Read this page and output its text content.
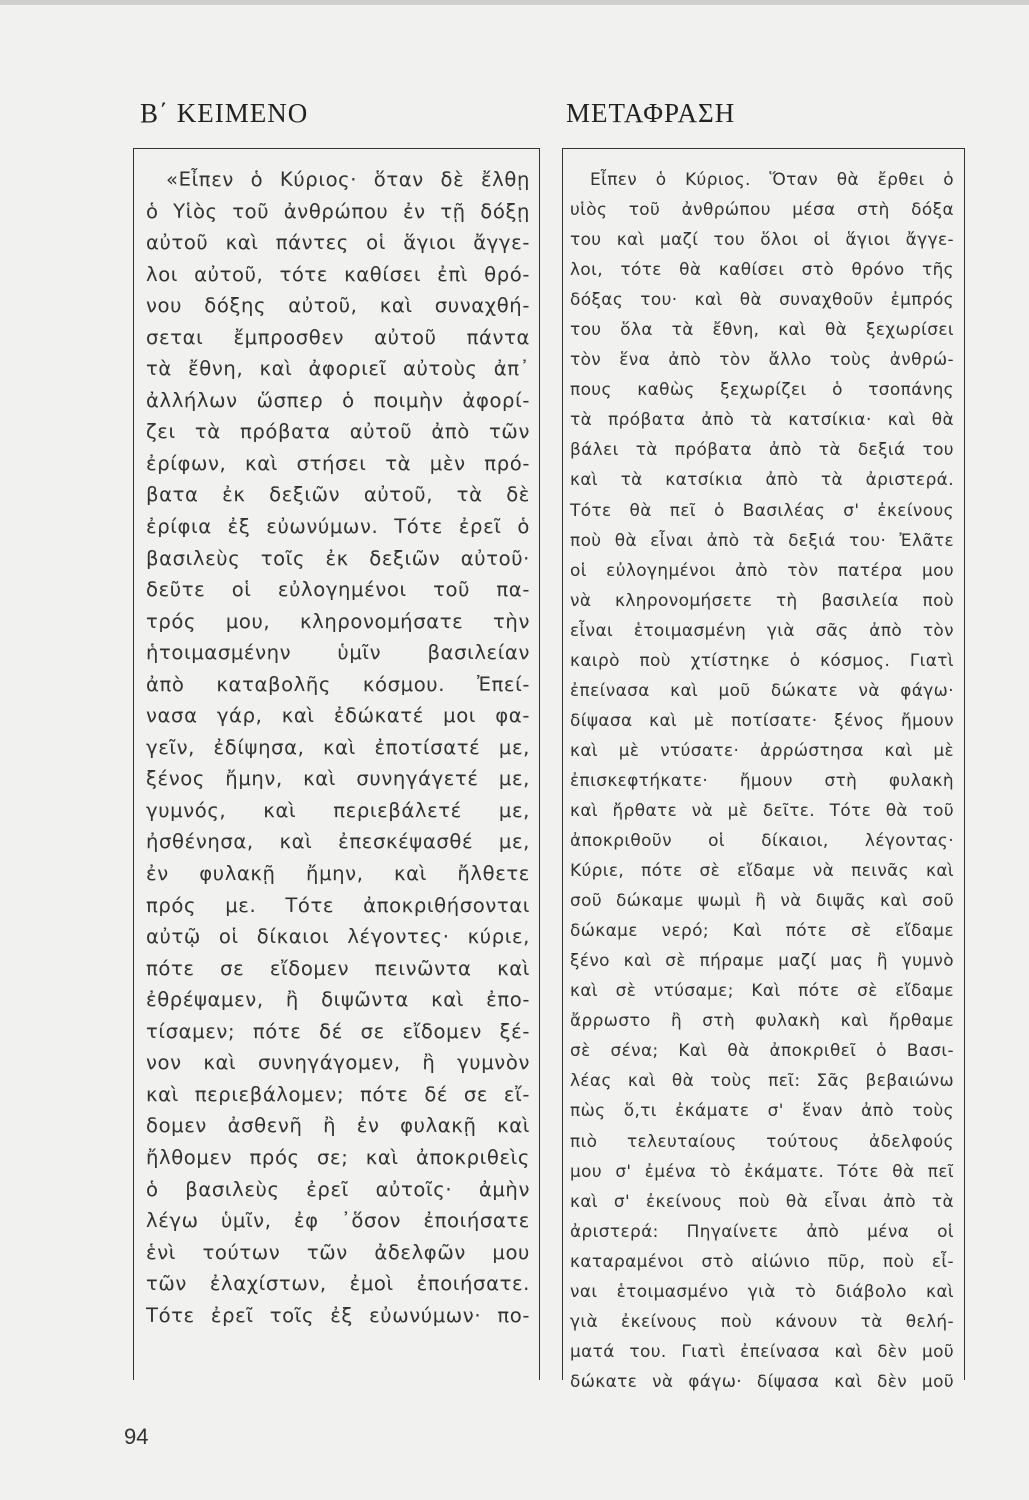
Β΄ ΚΕΙΜΕΝΟ	ΜΕΤΑΦΡΑΣΗ
«Εἶπεν ὁ Κύριος· ὅταν δὲ ἔλθῃ
ὁ Υἱὸς τοῦ ἀνθρώπου ἐν τῇ δόξῃ
αὐτοῦ καὶ πάντες οἱ ἅγιοι ἄγγε-
λοι αὐτοῦ, τότε καθίσει ἐπὶ θρό-
νου δόξης αὐτοῦ, καὶ συναχθή-
σεται ἔμπροσθεν αὐτοῦ πάντα
τὰ ἔθνη, καὶ ἀφοριεῖ αὐτοὺς ἀπ᾿
ἀλλήλων ὥσπερ ὁ ποιμὴν ἀφορί-
ζει τὰ πρόβατα αὐτοῦ ἀπὸ τῶν
ἐρίφων, καὶ στήσει τὰ μὲν πρό-
βατα ἐκ δεξιῶν αὐτοῦ, τὰ δὲ
ἐρίφια ἐξ εὐωνύμων. Τότε ἐρεῖ ὁ
βασιλεὺς τοῖς ἐκ δεξιῶν αὐτοῦ·
δεῦτε οἱ εὐλογημένοι τοῦ πα-
τρός μου, κληρονομήσατε τὴν
ἡτοιμασμένην ὑμῖν βασιλείαν
ἀπὸ καταβολῆς κόσμου. Ἐπεί-
νασα γάρ, καὶ ἐδώκατέ μοι φα-
γεῖν, ἐδίψησα, καὶ ἐποτίσατέ με,
ξένος ἤμην, καὶ συνηγάγετέ με,
γυμνός, καὶ περιεβάλετέ με,
ἠσθένησα, καὶ ἐπεσκέψασθέ με,
ἐν φυλακῇ ἤμην, καὶ ἤλθετε
πρός με. Τότε ἀποκριθήσονται
αὐτῷ οἱ δίκαιοι λέγοντες· κύριε,
πότε σε εἴδομεν πεινῶντα καὶ
ἐθρέψαμεν, ἢ διψῶντα καὶ ἐπο-
τίσαμεν; πότε δέ σε εἴδομεν ξέ-
νον καὶ συνηγάγομεν, ἢ γυμνὸν
καὶ περιεβάλομεν; πότε δέ σε εἴ-
δομεν ἀσθενῆ ἢ ἐν φυλακῇ καὶ
ἤλθομεν πρός σε; καὶ ἀποκριθεὶς
ὁ βασιλεὺς ἐρεῖ αὐτοῖς· ἀμὴν
λέγω ὑμῖν, ἐφ ᾿ὅσον ἐποιήσατε
ἑνὶ τούτων τῶν ἀδελφῶν μου
τῶν ἐλαχίστων, ἐμοὶ ἐποιήσατε.
Τότε ἐρεῖ τοῖς ἐξ εὐωνύμων· πο-
Εἶπεν ὁ Κύριος. Ὅταν θὰ ἔρθει ὁ
υἱὸς τοῦ ἀνθρώπου μέσα στὴ δόξα
του καὶ μαζί του ὅλοι οἱ ἅγιοι ἄγγε-
λοι, τότε θὰ καθίσει στὸ θρόνο τῆς
δόξας του· καὶ θὰ συναχθοῦν ἐμπρός
του ὅλα τὰ ἔθνη, καὶ θὰ ξεχωρίσει
τὸν ἕνα ἀπὸ τὸν ἄλλο τοὺς ἀνθρώ-
πους καθὼς ξεχωρίζει ὁ τσοπάνης
τὰ πρόβατα ἀπὸ τὰ κατσίκια· καὶ θὰ
βάλει τὰ πρόβατα ἀπὸ τὰ δεξιά του
καὶ τὰ κατσίκια ἀπὸ τὰ ἀριστερά.
Τότε θὰ πεῖ ὁ Βασιλέας σ' ἐκείνους
ποὺ θὰ εἶναι ἀπὸ τὰ δεξιά του· Ἐλᾶτε
οἱ εὐλογημένοι ἀπὸ τὸν πατέρα μου
νὰ κληρονομήσετε τὴ βασιλεία ποὺ
εἶναι ἑτοιμασμένη γιὰ σᾶς ἀπὸ τὸν
καιρὸ ποὺ χτίστηκε ὁ κόσμος. Γιατὶ
ἐπείνασα καὶ μοῦ δώκατε νὰ φάγω·
δίψασα καὶ μὲ ποτίσατε· ξένος ἤμουν
καὶ μὲ ντύσατε· ἀρρώστησα καὶ μὲ
ἐπισκεφτήκατε· ἤμουν στὴ φυλακὴ
καὶ ἤρθατε νὰ μὲ δεῖτε. Τότε θὰ τοῦ
ἀποκριθοῦν οἱ δίκαιοι, λέγοντας·
Κύριε, πότε σὲ εἴδαμε νὰ πεινᾶς καὶ
σοῦ δώκαμε ψωμὶ ἢ νὰ διψᾶς καὶ σοῦ
δώκαμε νερό; Καὶ πότε σὲ εἴδαμε
ξένο καὶ σὲ πήραμε μαζί μας ἢ γυμνὸ
καὶ σὲ ντύσαμε; Καὶ πότε σὲ εἴδαμε
ἄρρωστο ἢ στὴ φυλακὴ καὶ ἤρθαμε
σὲ σένα; Καὶ θὰ ἀποκριθεῖ ὁ Βασι-
λέας καὶ θὰ τοὺς πεῖ: Σᾶς βεβαιώνω
πὼς ὅ,τι ἐκάματε σ' ἕναν ἀπὸ τοὺς
πιὸ τελευταίους τούτους ἀδελφούς
μου σ' ἐμένα τὸ ἐκάματε. Τότε θὰ πεῖ
καὶ σ' ἐκείνους ποὺ θὰ εἶναι ἀπὸ τὰ
ἀριστερά: Πηγαίνετε ἀπὸ μένα οἱ
καταραμένοι στὸ αἰώνιο πῦρ, ποὺ εἶ-
ναι ἑτοιμασμένο γιὰ τὸ διάβολο καὶ
γιὰ ἐκείνους ποὺ κάνουν τὰ θελή-
ματά του. Γιατὶ ἐπείνασα καὶ δὲν μοῦ
δώκατε νὰ φάγω· δίψασα καὶ δὲν μοῦ

94
